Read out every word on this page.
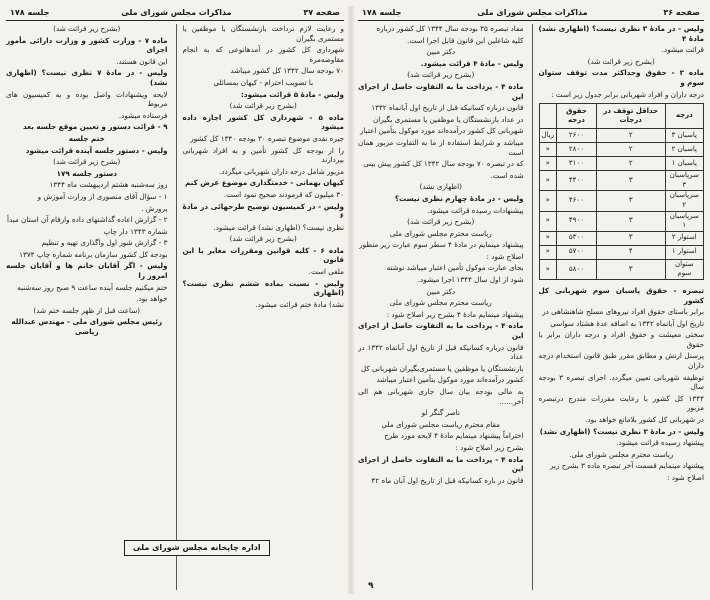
صفحه ۳۷
مذاکرات مجلس شورای ملی
جلسه ۱۷۸

و رعایت لازم نرداخت بازنشستگان یا موظفین یا مستمری بگیران

شهرداری کل کشور در آمدهانوعی که به انجام مقاوضه‌مره

۷۰ بودجه سال ۱۳۴۲ کل کشور میباشد

با تصویب احترام - کیهان بمسائلی

ولیس - مادهٔ ۵ قرائت میشود:

(بشرح زیر قرائت شد)

ماده ۵ - شهرداری کل کشور اجازه داده میشود

جیره نقدی موضوع تبصره ۳۰ بودجه ۱۳۴۰ کل کشور

را از بودجه کل کشور تأمین و به افراد شهربانی بپردازند

مزبور شامل درجه داران شهربانی میگردد.

کیهان بهمانی - خدمتگذاری موضوع عرض کنم

۳۰ میلیون که قرمودند صحیح نمود است.

ولیس - در کمیسیون توضیح طرحهائی در مادهٔ ۶

نظری نیست؟ (اظهاری نشد) قرائت میشود.

(بشرح زیر قرائت شد)

ماده ۶ - کلیه قوانین ومقررات مغایر با این قانون

ملغی است.

ولیس - نسبت بماده ششم نظری نیست؟ (اظهاری

نشد) مادهٔ ختم قرائت میشود.

(بشرح زیر قرائت شد)

ماده ۷ - وزارت کشور و وزارت دارائی مأمور اجرای

این قانون هستند.

ولیس - در مادهٔ ۷ نظری نیست؟ (اظهاری نشد)

لایحه ویشنهادات واصل بوده و به کمیسیون های مربوط

فرستاده میشود.

۹ - قرائت دستور و تعیین موقع جلسه بعد

ختم جلسه

ولیس - دستور جلسه آینده قرائت میشود

(بشرح زیر قرائت شد)

دستور جلسه ۱۷۹

روز سه‌شنبه هشتم اردیبهشت ماه ۱۳۴۴

۱ - سؤال آقای منصوری از وزارت آموزش و

پرورش .

۲ - گزارش اعاده گذاشتهای داده وارقام آن استان مبدأ

شماره ۱۳۴۳ دار چاپ

۳ - گزارش شور اول واگذاری تهیه و تنظیم

بودجه کل کشور سازمان برنامه شماره چاپ ۱۳۷۴

ولیس - اگر آقایان خانم ها و آقایان جلسه امروز را

ختم میکنیم جلسه آینده ساعت ۹ صبح روز سه‌شنبه

خواهد بود.

(ساعت قبل از ظهر جلسه ختم شد)

رئیس مجلس شورای ملی - مهندس عبدالله ریاضی

اداره چاپخانه مجلس شورای ملی
صفحه ۳۶
مذاکرات مجلس شورای ملی
جلسه ۱۷۸

ولیس - در مادهٔ ۳ نظری نیست؟ (اظهاری نشد) مادهٔ ۴

قرائت میشود.

(بشرح زیر قرائت شد)

ماده ۳ - حقوق وحداکثر مدت توقف ستوان سوم و

درجه داران و افراد شهربانی برابر جدول زیر است :

درجه	حداقل توقف در درجات	حقوق درجه	
پاسبان ۳	۲	۲۶۰۰	ریال
پاسبان ۲	۲	۲۸۰۰	«
پاسبان ۱	۲	۳۱۰۰	«
سرپاسبان ۳	۳	۴۴۰۰	«
سرپاسبان ۲	۳	۴۶۰۰	«
سرپاسبان ۱	۳	۴۹۰۰	«
استوار ۲	۳	۵۳۰۰	«
استوار ۱	۴	۵۷۰۰	«
ستوان سوم	۳	۵۸۰۰	«

تبصره - حقوق پاسبان سوم شهربانی کل کشور

برابر باستای حقوق افراد نیروهای مسلح شاهنشاهی در

تاریخ اول آبانماه ۱۳۴۲ به اضافه عدهٔ هشتاد سواسی

سختی معیشت و حقوق افراد و درجه داران برابر با حقوق

پرسنل ارتش و مطابق مقرر طبق قانون استخدام درجه داران

توظیفه شهربانی تعیین میگردد. اجرای تبصره ۳ بودجه سال

۱۳۴۴ کل کشور با رعایت مقررات مندرج درتبصره مزبور

در شهربانی کل کشور بلامانع خواهد بود.

ولیس - در مادهٔ ۳ نظری نیست؟ (اظهاری نشد)

پیشنهاد رسیده قرائت میشود.

ریاست محترم مجلس شورای ملی.

پیشنهاد مینمایم قسمت آخر تبصره ماده ۳ بشرح زیر

اصلاح شود :

مفاد تبصره ۳۵ بودجه سال ۱۳۴۴ کل کشور درباره

کلیه شاغلین این قانون قابل اجرا است.

دکتر مبین

ولیس - مادهٔ ۴ قرائت میشود.

(بشرح زیر قرائت شد)

ماده ۴ - پرداخت ما به التفاوت حاصل از اجرای این

قانون درباره کسانیکه قبل از تاریخ اول آبانماه ۱۳۴۲

در عداد بازنشستگان یا موظفین یا مستمری بگیران

شهربانی کل کشور درآمده‌اند مورد موکول بتأمین اعتبار

میباشد و شرایط استفاده از ما به التفاوت مزبور همان است

که در تبصره ۷۰ بودجه سال ۱۳۴۲ کل کشور پیش بینی

شده است.

(اظهاری نشد)

ولیس - در مادهٔ چهارم نظری نیست؟

پیشنهادات رسیده قرائت میشود.

(بشرح زیر قرائت شد)

ریاست محترم مجلس شورای ملی

پیشنهاد مینمایم در مادهٔ ۴ سطر سوم عبارت زیر منظور

اصلاح شود :

بجای عبارت موکول تأمین اعتبار میباشد نوشته

شود از اول سال ۱۳۴۴ اجرا میشود.

دکتر مبین

ریاست محترم مجلس شورای ملی

پیشنهاد مینمایم مادهٔ ۴ بشرح زیر اصلاح شود :

ماده ۴ - پرداخت ما به التفاوت حاصل از اجرای این

قانون درباره کسانیکه قبل از تاریخ اول آبانماه ۱۳۴۲ در عداد

بازنشستگان یا موظفین یا مستمری‌بگیران شهربانی کل

کشور درآمده‌اند مورد موکول بتأمین اعتبار میباشد

به مالی بودجه بیان سال جاری شهربانی هم الی آخر......

ناصر گنگر لو

مقام محترم ریاست مجلس شورای ملی

احتراماً پیشنهاد مینمایم مادهٔ ۴ لایحه مورد طرح

بشرح زیر اصلاح شود :

ماده ۴ - پرداخت ما به التفاوت حاصل از اجرای این

قانون در باره کسانیکه قبل از تاریخ اول آبان ماه ۴۲

۹
